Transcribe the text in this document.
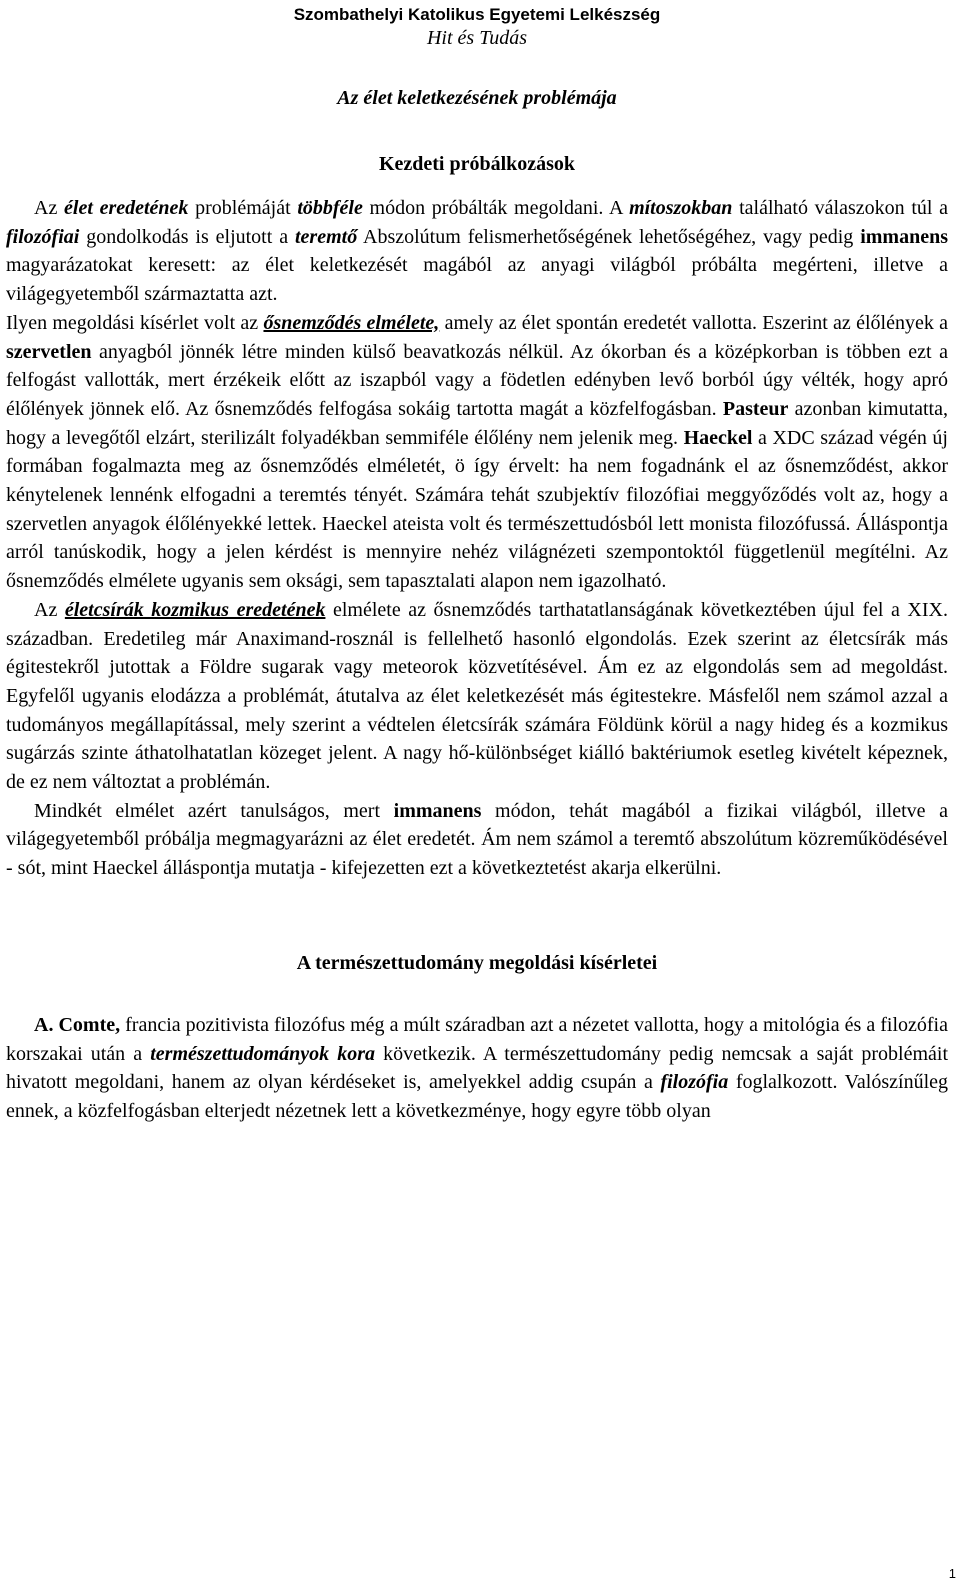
Szombathelyi Katolikus Egyetemi Lelkészség
Hit és Tudás
Az élet keletkezésének problémája
Kezdeti próbálkozások

Az élet eredetének problémáját többféle módon próbálták megoldani. A mítoszokban található válaszokon túl a filozófiai gondolkodás is eljutott a teremtő Abszolútum felismerhetőségének lehetőségéhez, vagy pedig immanens magyarázatokat keresett: az élet keletkezését magából az anyagi világból próbálta megérteni, illetve a világegyetemből származtatta azt.

Ilyen megoldási kísérlet volt az ősnemződés elmélete, amely az élet spontán eredetét vallotta. Eszerint az élőlények a szervetlen anyagból jönnék létre minden külső beavatkozás nélkül. Az ókorban és a középkorban is többen ezt a felfogást vallották, mert érzékeik előtt az iszapból vagy a födetlen edényben levő borból úgy vélték, hogy apró élőlények jönnek elő. Az ősnemződés felfogása sokáig tartotta magát a közfelfogásban. Pasteur azonban kimutatta, hogy a levegőtől elzárt, sterilizált folyadékban semmiféle élőlény nem jelenik meg. Haeckel a XDC század végén új formában fogalmazta meg az ősnemződés elméletét, ö így érvelt: ha nem fogadnánk el az ősnemződést, akkor kénytelenek lennénk elfogadni a teremtés tényét. Számára tehát szubjektív filozófiai meggyőződés volt az, hogy a szervetlen anyagok élőlényekké lettek. Haeckel ateista volt és természettudósból lett monista filozófussá. Álláspontja arról tanúskodik, hogy a jelen kérdést is mennyire nehéz világnézeti szempontoktól függetlenül megítélni. Az ősnemződés elmélete ugyanis sem oksági, sem tapasztalati alapon nem igazolható.

Az életcsírák kozmikus eredetének elmélete az ősnemződés tarthatatlanságának következtében újul fel a XIX. században. Eredetileg már Anaximand-rosznál is fellelhető hasonló elgondolás. Ezek szerint az életcsírák más égitestekről jutottak a Földre sugarak vagy meteorok közvetítésével. Ám ez az elgondolás sem ad megoldást. Egyfelől ugyanis elodázza a problémát, átutalva az élet keletkezését más égitestekre. Másfelől nem számol azzal a tudományos megállapítással, mely szerint a védtelen életcsírák számára Földünk körül a nagy hideg és a kozmikus sugárzás szinte áthatolhatatlan közeget jelent. A nagy hő-különbséget kiálló baktériumok esetleg kivételt képeznek, de ez nem változtat a problémán.

Mindkét elmélet azért tanulságos, mert immanens módon, tehát magából a fizikai világból, illetve a világegyetemből próbálja megmagyarázni az élet eredetét. Ám nem számol a teremtő abszolútum közreműködésével - sót, mint Haeckel álláspontja mutatja - kifejezetten ezt a következtetést akarja elkerülni.

A természettudomány megoldási kísérletei

A. Comte, francia pozitivista filozófus még a múlt száradban azt a nézetet vallotta, hogy a mitológia és a filozófia korszakai után a természettudományok kora következik. A természettudomány pedig nemcsak a saját problémáit hivatott megoldani, hanem az olyan kérdéseket is, amelyekkel addig csupán a filozófia foglalkozott. Valószínűleg ennek, a közfelfogásban elterjedt nézetnek lett a következménye, hogy egyre több olyan

1
